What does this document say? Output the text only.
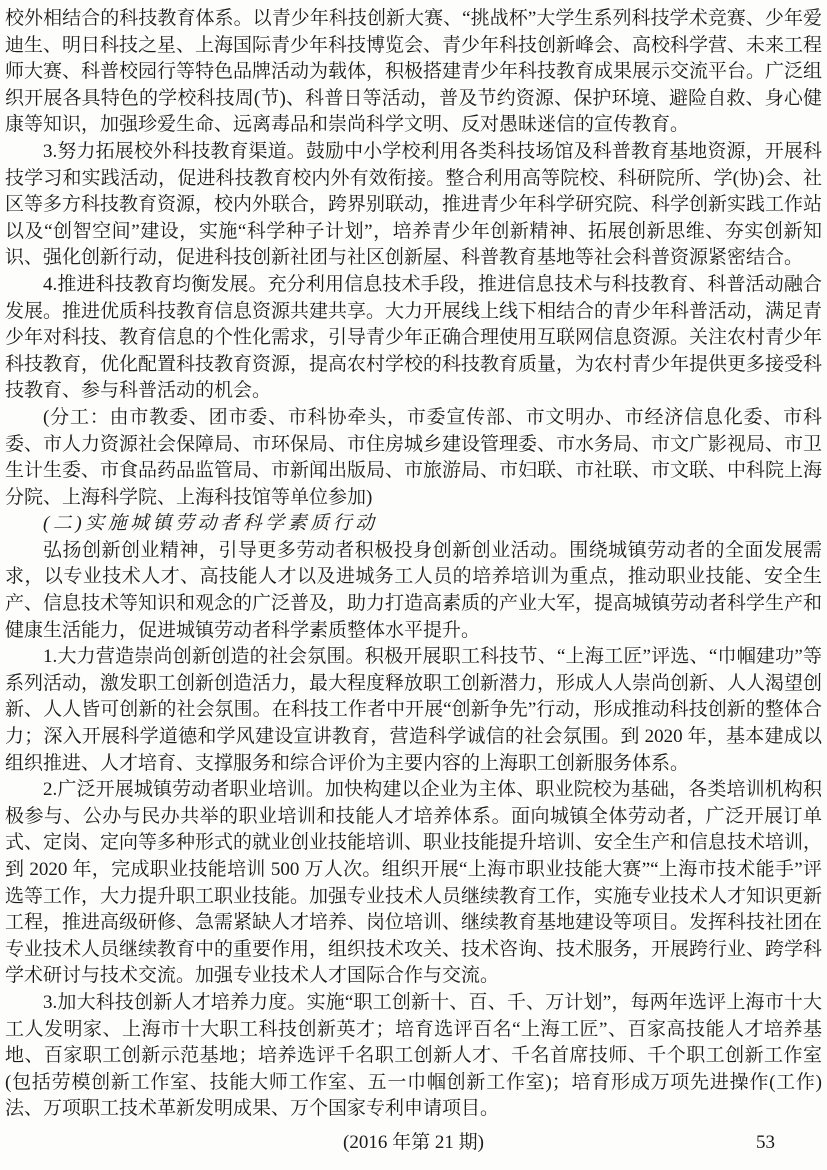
校外相结合的科技教育体系。以青少年科技创新大赛、“挑战杯”大学生系列科技学术竞赛、少年爱迪生、明日科技之星、上海国际青少年科技博览会、青少年科技创新峰会、高校科学营、未来工程师大赛、科普校园行等特色品牌活动为载体，积极搭建青少年科技教育成果展示交流平台。广泛组织开展各具特色的学校科技周(节)、科普日等活动，普及节约资源、保护环境、避险自救、身心健康等知识，加强珍爱生命、远离毒品和崇尚科学文明、反对愚昧迷信的宣传教育。

3.努力拓展校外科技教育渠道。鼓励中小学校利用各类科技场馆及科普教育基地资源，开展科技学习和实践活动，促进科技教育校内外有效衔接。整合利用高等院校、科研院所、学(协)会、社区等多方科技教育资源，校内外联合，跨界别联动，推进青少年科学研究院、科学创新实践工作站以及“创智空间”建设，实施“科学种子计划”，培养青少年创新精神、拓展创新思维、夯实创新知识、强化创新行动，促进科技创新社团与社区创新屋、科普教育基地等社会科普资源紧密结合。

4.推进科技教育均衡发展。充分利用信息技术手段，推进信息技术与科技教育、科普活动融合发展。推进优质科技教育信息资源共建共享。大力开展线上线下相结合的青少年科普活动，满足青少年对科技、教育信息的个性化需求，引导青少年正确合理使用互联网信息资源。关注农村青少年科技教育，优化配置科技教育资源，提高农村学校的科技教育质量，为农村青少年提供更多接受科技教育、参与科普活动的机会。

(分工：由市教委、团市委、市科协牵头，市委宣传部、市文明办、市经济信息化委、市科委、市人力资源社会保障局、市环保局、市住房城乡建设管理委、市水务局、市文广影视局、市卫生计生委、市食品药品监管局、市新闻出版局、市旅游局、市妇联、市社联、市文联、中科院上海分院、上海科学院、上海科技馆等单位参加)

(二)实施城镇劳动者科学素质行动

弘扬创新创业精神，引导更多劳动者积极投身创新创业活动。围绕城镇劳动者的全面发展需求，以专业技术人才、高技能人才以及进城务工人员的培养培训为重点，推动职业技能、安全生产、信息技术等知识和观念的广泛普及，助力打造高素质的产业大军，提高城镇劳动者科学生产和健康生活能力，促进城镇劳动者科学素质整体水平提升。

1.大力营造崇尚创新创造的社会氛围。积极开展职工科技节、“上海工匠”评选、“巾帼建功”等系列活动，激发职工创新创造活力，最大程度释放职工创新潜力，形成人人崇尚创新、人人渴望创新、人人皆可创新的社会氛围。在科技工作者中开展“创新争先”行动，形成推动科技创新的整体合力；深入开展科学道德和学风建设宣讲教育，营造科学诚信的社会氛围。到 2020 年，基本建成以组织推进、人才培育、支撑服务和综合评价为主要内容的上海职工创新服务体系。

2.广泛开展城镇劳动者职业培训。加快构建以企业为主体、职业院校为基础，各类培训机构积极参与、公办与民办共举的职业培训和技能人才培养体系。面向城镇全体劳动者，广泛开展订单式、定岗、定向等多种形式的就业创业技能培训、职业技能提升培训、安全生产和信息技术培训，到 2020 年，完成职业技能培训 500 万人次。组织开展“上海市职业技能大赛”“上海市技术能手”评选等工作，大力提升职工职业技能。加强专业技术人员继续教育工作，实施专业技术人才知识更新工程，推进高级研修、急需紧缺人才培养、岗位培训、继续教育基地建设等项目。发挥科技社团在专业技术人员继续教育中的重要作用，组织技术攻关、技术咨询、技术服务，开展跨行业、跨学科学术研讨与技术交流。加强专业技术人才国际合作与交流。

3.加大科技创新人才培养力度。实施“职工创新十、百、千、万计划”，每两年选评上海市十大工人发明家、上海市十大职工科技创新英才；培育选评百名“上海工匠”、百家高技能人才培养基地、百家职工创新示范基地；培养选评千名职工创新人才、千名首席技师、千个职工创新工作室(包括劳模创新工作室、技能大师工作室、五一巾帼创新工作室)；培育形成万项先进操作(工作)法、万项职工技术革新发明成果、万个国家专利申请项目。

(2016 年第 21 期)	53
